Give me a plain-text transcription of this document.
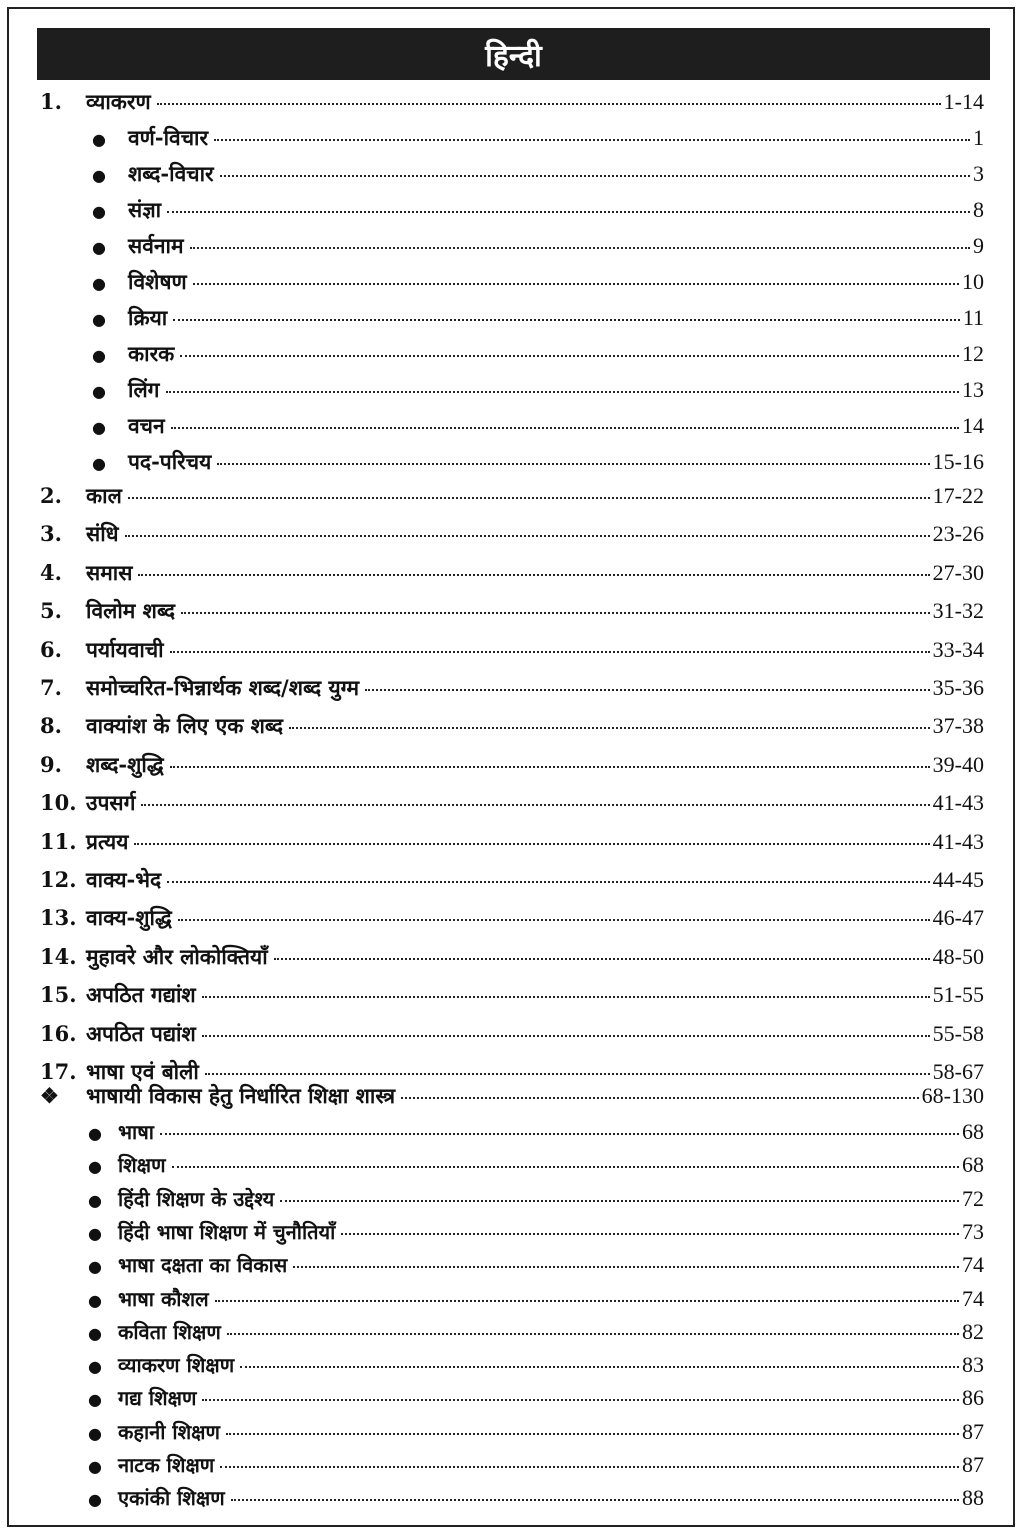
हिन्दी
1.	व्याकरण	1-14
●	वर्ण-विचार	1
●	शब्द-विचार	3
●	संज्ञा	8
●	सर्वनाम	9
●	विशेषण	10
●	क्रिया	11
●	कारक	12
●	लिंग	13
●	वचन	14
●	पद-परिचय	15-16
2.	काल	17-22
3.	संधि	23-26
4.	समास	27-30
5.	विलोम शब्द	31-32
6.	पर्यायवाची	33-34
7.	समोच्चरित-भिन्नार्थक शब्द/शब्द युग्म	35-36
8.	वाक्यांश के लिए एक शब्द	37-38
9.	शब्द-शुद्धि	39-40
10. उपसर्ग	41-43
11. प्रत्यय	41-43
12. वाक्य-भेद	44-45
13. वाक्य-शुद्धि	46-47
14. मुहावरे और लोकोक्तियाँ	48-50
15. अपठित गद्यांश	51-55
16. अपठित पद्यांश	55-58
17. भाषा एवं बोली	58-67
❖	भाषायी विकास हेतु निर्धारित शिक्षा शास्त्र	68-130
● भाषा	68
● शिक्षण	68
● हिंदी शिक्षण के उद्देश्य	72
● हिंदी भाषा शिक्षण में चुनौतियाँ	73
● भाषा दक्षता का विकास	74
● भाषा कौशल	74
● कविता शिक्षण	82
● व्याकरण शिक्षण	83
● गद्य शिक्षण	86
● कहानी शिक्षण	87
● नाटक शिक्षण	87
● एकांकी शिक्षण	88
